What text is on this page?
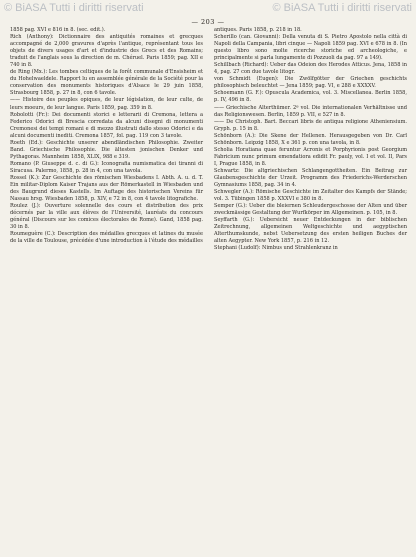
© BiASA Tutti i diritti riservati	© BiASA Tutti i diritti riservati
— 203 —
1858 pag. XVI e 816 in 8. (sec. edit.).
Rich (Anthony): Dictionnaire des antiquités romaines et grecques accompagné de 2,000 gravures d'après l'antique, représentant tous les objets de divers usages d'art et d'industrie des Grecs et des Romains; traduit de l'anglais sous la direction de m. Chéruel. Paris 1859; pag. XII e 740 in 8.
de Ring (Mx.): Les tombes celtiques de la forêt communale d'Ensisheim et du Hohelwaeldele. Rapport lu en assemblée générale de la Société pour la conservation des monuments historiques d'Alsace le 29 juin 1858, Strasbourg 1858, p. 27 in 8, con 6 tavole.
—— Histoire des peuples opiques, de leur législation, de leur culte, de leurs moeurs, de leur langue. Paris 1859, pag. 359 in 8.
Robolotti (Fr.): Dei documenti storici e letterarii di Cremona, lettera a Federico Odorici di Brescia corredata da alcuni disegni di monumenti Cremonesi dei tempi romani e di mezzo illustrati dallo stesso Odorici e da alcuni documenti inediti. Cremona 1857, fol. pag. 119 con 3 tavole.
Roeth (Ed.): Geschichte unserer abendländischen Philosophie. Zweiter Band. Griechische Philosophie. Die ältesten jonischen Denker und Pythagoras. Mannheim 1858, XLIX, 988 e 319.
Romano (P. Giuseppe d. c. di G.): Iconografia numismatica dei tiranni di Siracusa. Palermo, 1858, p. 28 in 4, con una tavola.
Rossel (K.): Zur Geschichte des römischen Wiesbadens I. Abth. A. u. d. T. Ein militar-Diplom Kaiser Trajans aus der Römerkastell in Wiesbaden und des Baugrund dieses Kastells. Im Auftage des historischen Vereins für Nassau hrsg. Wiesbaden 1858, p. XIV, e 72 in 8, con 4 tavole litografiche.
Roulez (J.): Ouverture solennelle des cours et distribution des prix décernés par la ville aux élèves de l'Université, lauréats du concours général (Discours sur les comices électorales de Rome). Gand, 1858 pag. 30 in 8.
Roumeguère (C.): Description des médailles grecques et latines du musée de la ville de Toulouse, précédée d'une introduction à l'étude des médailles
antiques. Paris 1858, p. 218 in 18.
Scherillo (can. Giovanni): Della venuta di S. Pietro Apostolo nella città di Napoli della Campania, libri cinque — Napoli 1859 pag. XVI e 678 in 8. (In questo libro sono molte ricerche storiche ed archeologiche, e principalmente si parla lungamente di Pozzuoli da pag. 97 a 149).
Schillbach (Richard): Ueber das Odeion des Herodes Atticus. Jena, 1858 in 4, pag. 27 con due tavole litogr.
von Schmidt (Eugen): Die Zwölfgötter der Griechen geschichts philosophisch beleuchtet — Jena 1859; pag. VI, e 288 e XXXXV.
Schoemann (G. F.): Opuscula Academica, vol. 3. Miscellanea. Berlin 1858, p. IV, 496 in 8.
—— Griechische Alterthümer. 2ª vol. Die internationalen Verhältnisse und das Religionswesen. Berlin, 1859 p. VII, e 527 in 8.
—— De Christoph. Bart. Beccari libris de antiqua religione Atheniensium. Gryph. p. 15 in 8.
Schönborn (A.): Die Skene der Hellenen. Herausgegeben von Dr. Carl Schönborn. Leipzig 1858, X e 361 p. con una tavola, in 8.
Scholia Horatiana quae feruntur Acronis et Porphyrionis post Georgium Fabricium nunc primum emendatiora edidit Fr. pauly, vol. I et vol. II, Pars I, Prague 1858, in 8.
Schwartz: Die altgriechischen Schlangengottheiten. Ein Beitrag zur Glaubensgeschichte der Urzeit. Programm des Friederichs-Werderschen Gymnasiums 1858, pag. 34 in 4.
Schwegler (A.): Römische Geschichte im Zeitalter des Kampfs der Stände; vol. 3. Tübingen 1858 p. XXXVI e 380 in 8.
Semper (G.): Ueber die bleiernen Schleudergeschosse der Alten und über zweckmässige Gestaltung der Wurfkörper im Allgemeinen. p. 105, in 8.
Seyffarth (G.): Uebersicht neuer Entdeckungen in der biblischen Zeitrechnung, allgemeinen Weltgeschichte und aegyptischen Alterthumskunde, nebst Uebersetzung des ersten heiligen Buches der alten Aegypter. New York 1857, p. 216 in 12.
Stephani (Ludolf): Nimbus und Strahlenkranz in
